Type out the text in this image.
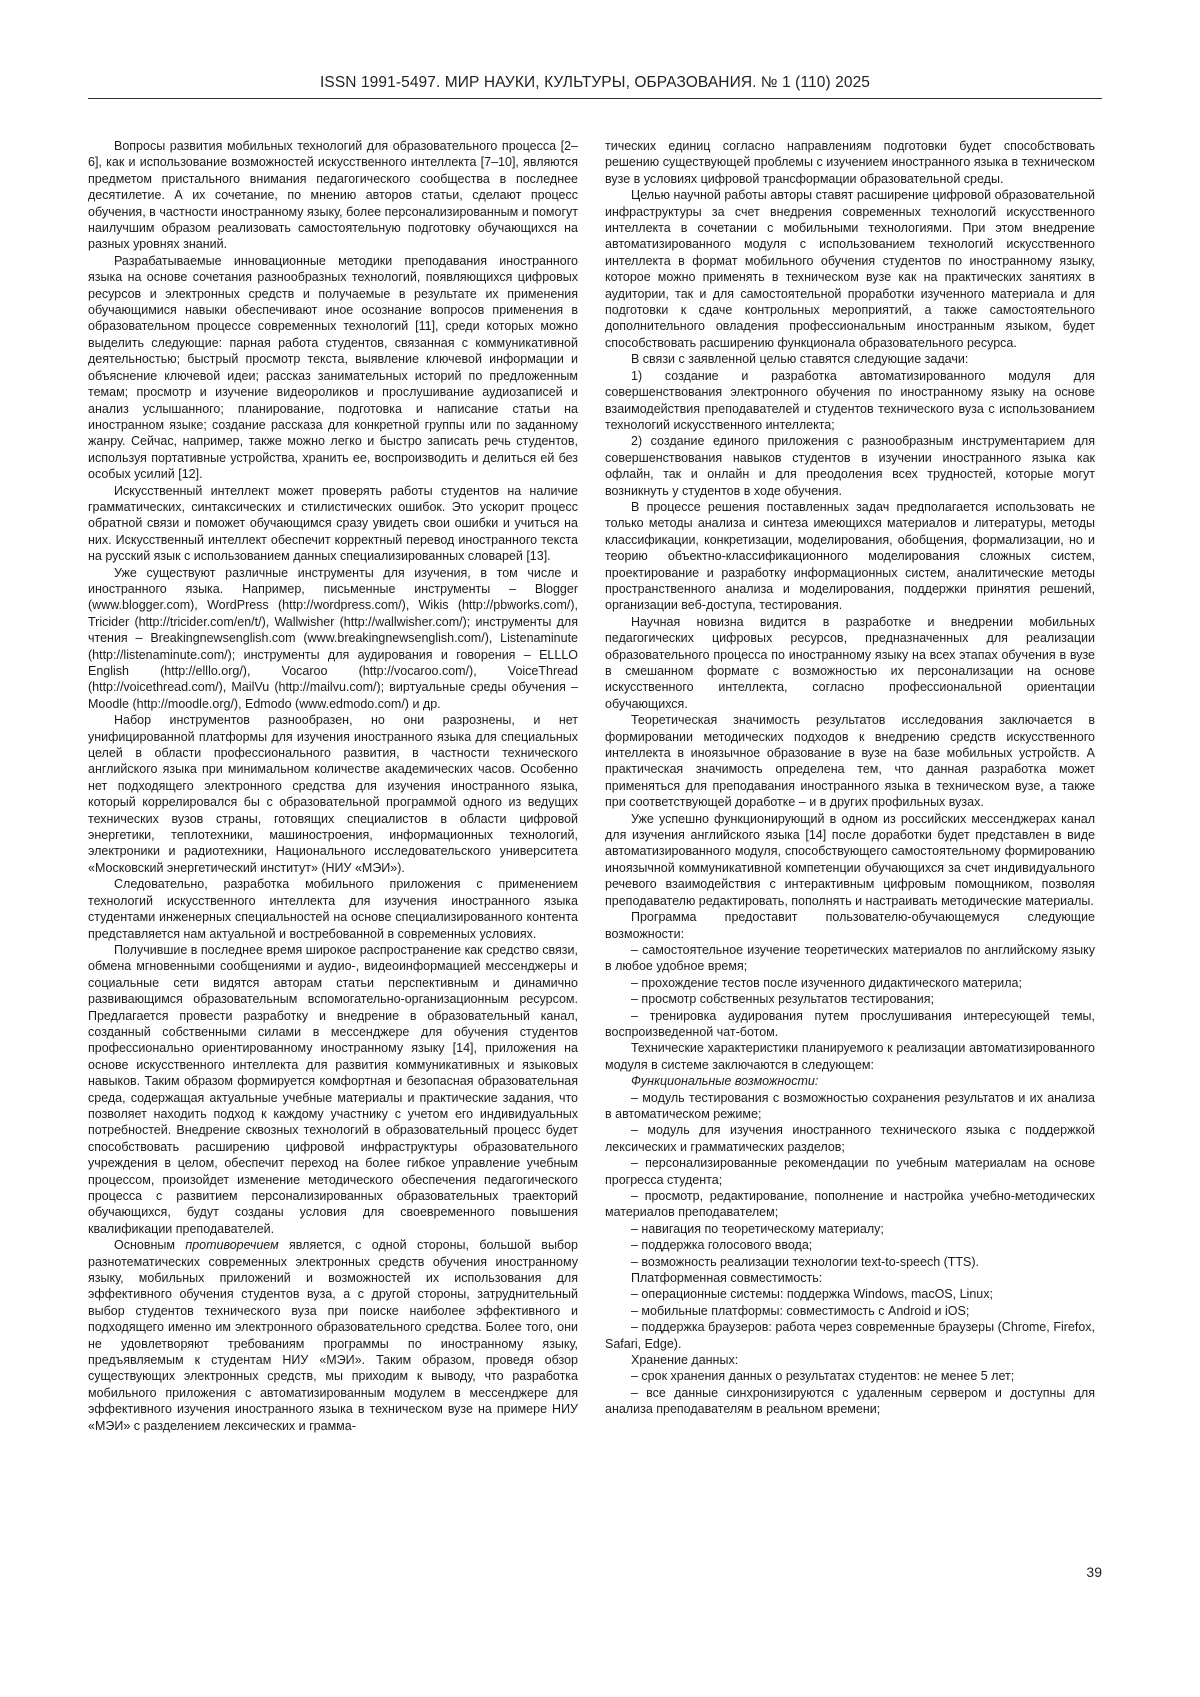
ISSN 1991-5497. МИР НАУКИ, КУЛЬТУРЫ, ОБРАЗОВАНИЯ. № 1 (110) 2025

Вопросы развития мобильных технологий для образовательного процесса [2–6], как и использование возможностей искусственного интеллекта [7–10], являются предметом пристального внимания педагогического сообщества в последнее десятилетие. А их сочетание, по мнению авторов статьи, сделают процесс обучения, в частности иностранному языку, более персонализированным и помогут наилучшим образом реализовать самостоятельную подготовку обучающихся на разных уровнях знаний.

Разрабатываемые инновационные методики преподавания иностранного языка на основе сочетания разнообразных технологий, появляющихся цифровых ресурсов и электронных средств и получаемые в результате их применения обучающимися навыки обеспечивают иное осознание вопросов применения в образовательном процессе современных технологий [11], среди которых можно выделить следующие: парная работа студентов, связанная с коммуникативной деятельностью; быстрый просмотр текста, выявление ключевой информации и объяснение ключевой идеи; рассказ занимательных историй по предложенным темам; просмотр и изучение видеороликов и прослушивание аудиозаписей и анализ услышанного; планирование, подготовка и написание статьи на иностранном языке; создание рассказа для конкретной группы или по заданному жанру. Сейчас, например, также можно легко и быстро записать речь студентов, используя портативные устройства, хранить ее, воспроизводить и делиться ей без особых усилий [12].

Искусственный интеллект может проверять работы студентов на наличие грамматических, синтаксических и стилистических ошибок. Это ускорит процесс обратной связи и поможет обучающимся сразу увидеть свои ошибки и учиться на них. Искусственный интеллект обеспечит корректный перевод иностранного текста на русский язык с использованием данных специализированных словарей [13].

Уже существуют различные инструменты для изучения, в том числе и иностранного языка. Например, письменные инструменты – Blogger (www.blogger.com), WordPress (http://wordpress.com/), Wikis (http://pbworks.com/), Tricider (http://tricider.com/en/t/), Wallwisher (http://wallwisher.com/); инструменты для чтения – Breakingnewsenglish.com (www.breakingnewsenglish.com/), Listenaminute (http://listenaminute.com/); инструменты для аудирования и говорения – ELLLO English (http://elllo.org/), Vocaroo (http://vocaroo.com/), VoiceThread (http://voicethread.com/), MailVu (http://mailvu.com/); виртуальные среды обучения – Moodle (http://moodle.org/), Edmodo (www.edmodo.com/) и др.

Набор инструментов разнообразен, но они разрознены, и нет унифицированной платформы для изучения иностранного языка для специальных целей в области профессионального развития, в частности технического английского языка при минимальном количестве академических часов. Особенно нет подходящего электронного средства для изучения иностранного языка, который коррелировался бы с образовательной программой одного из ведущих технических вузов страны, готовящих специалистов в области цифровой энергетики, теплотехники, машиностроения, информационных технологий, электроники и радиотехники, Национального исследовательского университета «Московский энергетический институт» (НИУ «МЭИ»).

Следовательно, разработка мобильного приложения с применением технологий искусственного интеллекта для изучения иностранного языка студентами инженерных специальностей на основе специализированного контента представляется нам актуальной и востребованной в современных условиях.

Получившие в последнее время широкое распространение как средство связи, обмена мгновенными сообщениями и аудио-, видеоинформацией мессенджеры и социальные сети видятся авторам статьи перспективным и динамично развивающимся образовательным вспомогательно-организационным ресурсом. Предлагается провести разработку и внедрение в образовательный канал, созданный собственными силами в мессенджере для обучения студентов профессионально ориентированному иностранному языку [14], приложения на основе искусственного интеллекта для развития коммуникативных и языковых навыков. Таким образом формируется комфортная и безопасная образовательная среда, содержащая актуальные учебные материалы и практические задания, что позволяет находить подход к каждому участнику с учетом его индивидуальных потребностей. Внедрение сквозных технологий в образовательный процесс будет способствовать расширению цифровой инфраструктуры образовательного учреждения в целом, обеспечит переход на более гибкое управление учебным процессом, произойдет изменение методического обеспечения педагогического процесса с развитием персонализированных образовательных траекторий обучающихся, будут созданы условия для своевременного повышения квалификации преподавателей.

Основным противоречием является, с одной стороны, большой выбор разнотематических современных электронных средств обучения иностранному языку, мобильных приложений и возможностей их использования для эффективного обучения студентов вуза, а с другой стороны, затруднительный выбор студентов технического вуза при поиске наиболее эффективного и подходящего именно им электронного образовательного средства. Более того, они не удовлетворяют требованиям программы по иностранному языку, предъявляемым к студентам НИУ «МЭИ». Таким образом, проведя обзор существующих электронных средств, мы приходим к выводу, что разработка мобильного приложения с автоматизированным модулем в мессенджере для эффективного изучения иностранного языка в техническом вузе на примере НИУ «МЭИ» с разделением лексических и грамма-

тических единиц согласно направлениям подготовки будет способствовать решению существующей проблемы с изучением иностранного языка в техническом вузе в условиях цифровой трансформации образовательной среды.

Целью научной работы авторы ставят расширение цифровой образовательной инфраструктуры за счет внедрения современных технологий искусственного интеллекта в сочетании с мобильными технологиями. При этом внедрение автоматизированного модуля с использованием технологий искусственного интеллекта в формат мобильного обучения студентов по иностранному языку, которое можно применять в техническом вузе как на практических занятиях в аудитории, так и для самостоятельной проработки изученного материала и для подготовки к сдаче контрольных мероприятий, а также самостоятельного дополнительного овладения профессиональным иностранным языком, будет способствовать расширению функционала образовательного ресурса.

В связи с заявленной целью ставятся следующие задачи:

1) создание и разработка автоматизированного модуля для совершенствования электронного обучения по иностранному языку на основе взаимодействия преподавателей и студентов технического вуза с использованием технологий искусственного интеллекта;

2) создание единого приложения с разнообразным инструментарием для совершенствования навыков студентов в изучении иностранного языка как офлайн, так и онлайн и для преодоления всех трудностей, которые могут возникнуть у студентов в ходе обучения.

В процессе решения поставленных задач предполагается использовать не только методы анализа и синтеза имеющихся материалов и литературы, методы классификации, конкретизации, моделирования, обобщения, формализации, но и теорию объектно-классификационного моделирования сложных систем, проектирование и разработку информационных систем, аналитические методы пространственного анализа и моделирования, поддержки принятия решений, организации веб-доступа, тестирования.

Научная новизна видится в разработке и внедрении мобильных педагогических цифровых ресурсов, предназначенных для реализации образовательного процесса по иностранному языку на всех этапах обучения в вузе в смешанном формате с возможностью их персонализации на основе искусственного интеллекта, согласно профессиональной ориентации обучающихся.

Теоретическая значимость результатов исследования заключается в формировании методических подходов к внедрению средств искусственного интеллекта в иноязычное образование в вузе на базе мобильных устройств. А практическая значимость определена тем, что данная разработка может применяться для преподавания иностранного языка в техническом вузе, а также при соответствующей доработке – и в других профильных вузах.

Уже успешно функционирующий в одном из российских мессенджерах канал для изучения английского языка [14] после доработки будет представлен в виде автоматизированного модуля, способствующего самостоятельному формированию иноязычной коммуникативной компетенции обучающихся за счет индивидуального речевого взаимодействия с интерактивным цифровым помощником, позволяя преподавателю редактировать, пополнять и настраивать методические материалы.

Программа предоставит пользователю-обучающемуся следующие возможности:

– самостоятельное изучение теоретических материалов по английскому языку в любое удобное время;

– прохождение тестов после изученного дидактического материла;

– просмотр собственных результатов тестирования;

– тренировка аудирования путем прослушивания интересующей темы, воспроизведенной чат-ботом.

Технические характеристики планируемого к реализации автоматизированного модуля в системе заключаются в следующем:

Функциональные возможности:

– модуль тестирования с возможностью сохранения результатов и их анализа в автоматическом режиме;

– модуль для изучения иностранного технического языка с поддержкой лексических и грамматических разделов;

– персонализированные рекомендации по учебным материалам на основе прогресса студента;

– просмотр, редактирование, пополнение и настройка учебно-методических материалов преподавателем;

– навигация по теоретическому материалу;

– поддержка голосового ввода;

– возможность реализации технологии text-to-speech (TTS).

Платформенная совместимость:

– операционные системы: поддержка Windows, macOS, Linux;

– мобильные платформы: совместимость с Android и iOS;

– поддержка браузеров: работа через современные браузеры (Chrome, Firefox, Safari, Edge).

Хранение данных:

– срок хранения данных о результатах студентов: не менее 5 лет;

– все данные синхронизируются с удаленным сервером и доступны для анализа преподавателям в реальном времени;

39
